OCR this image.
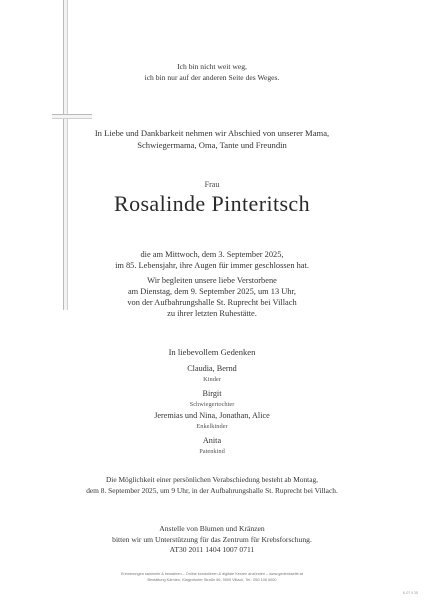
Ich bin nicht weit weg,
ich bin nur auf der anderen Seite des Weges.
In Liebe und Dankbarkeit nehmen wir Abschied von unserer Mama,
Schwiegermama, Oma, Tante und Freundin
Frau
Rosalinde Pinteritsch
die am Mittwoch, dem 3. September 2025,
im 85. Lebensjahr, ihre Augen für immer geschlossen hat.
Wir begleiten unsere liebe Verstorbene
am Dienstag, dem 9. September 2025, um 13 Uhr,
von der Aufbahrungshalle St. Ruprecht bei Villach
zu ihrer letzten Ruhestätte.
In liebevollem Gedenken
Claudia, Bernd
Kinder
Birgit
Schwiegertochter
Jeremias und Nina, Jonathan, Alice
Enkelkinder
Anita
Patenkind
Die Möglichkeit einer persönlichen Verabschiedung besteht ab Montag,
dem 8. September 2025, um 9 Uhr, in der Aufbahrungshalle St. Ruprecht bei Villach.
Anstelle von Blumen und Kränzen
bitten wir um Unterstützung für das Zentrum für Krebsforschung.
AT30 2011 1404 1007 0711
Erinnerungen sammeln & bewahren – Online kondolieren & digitale Kerzen anzünden – www.gedenkseite.at
Bestattung Kärnten, Klagenfurter Straße 66, 9500 Villach, Tel.: 050 106 6000
K-07 9 25
